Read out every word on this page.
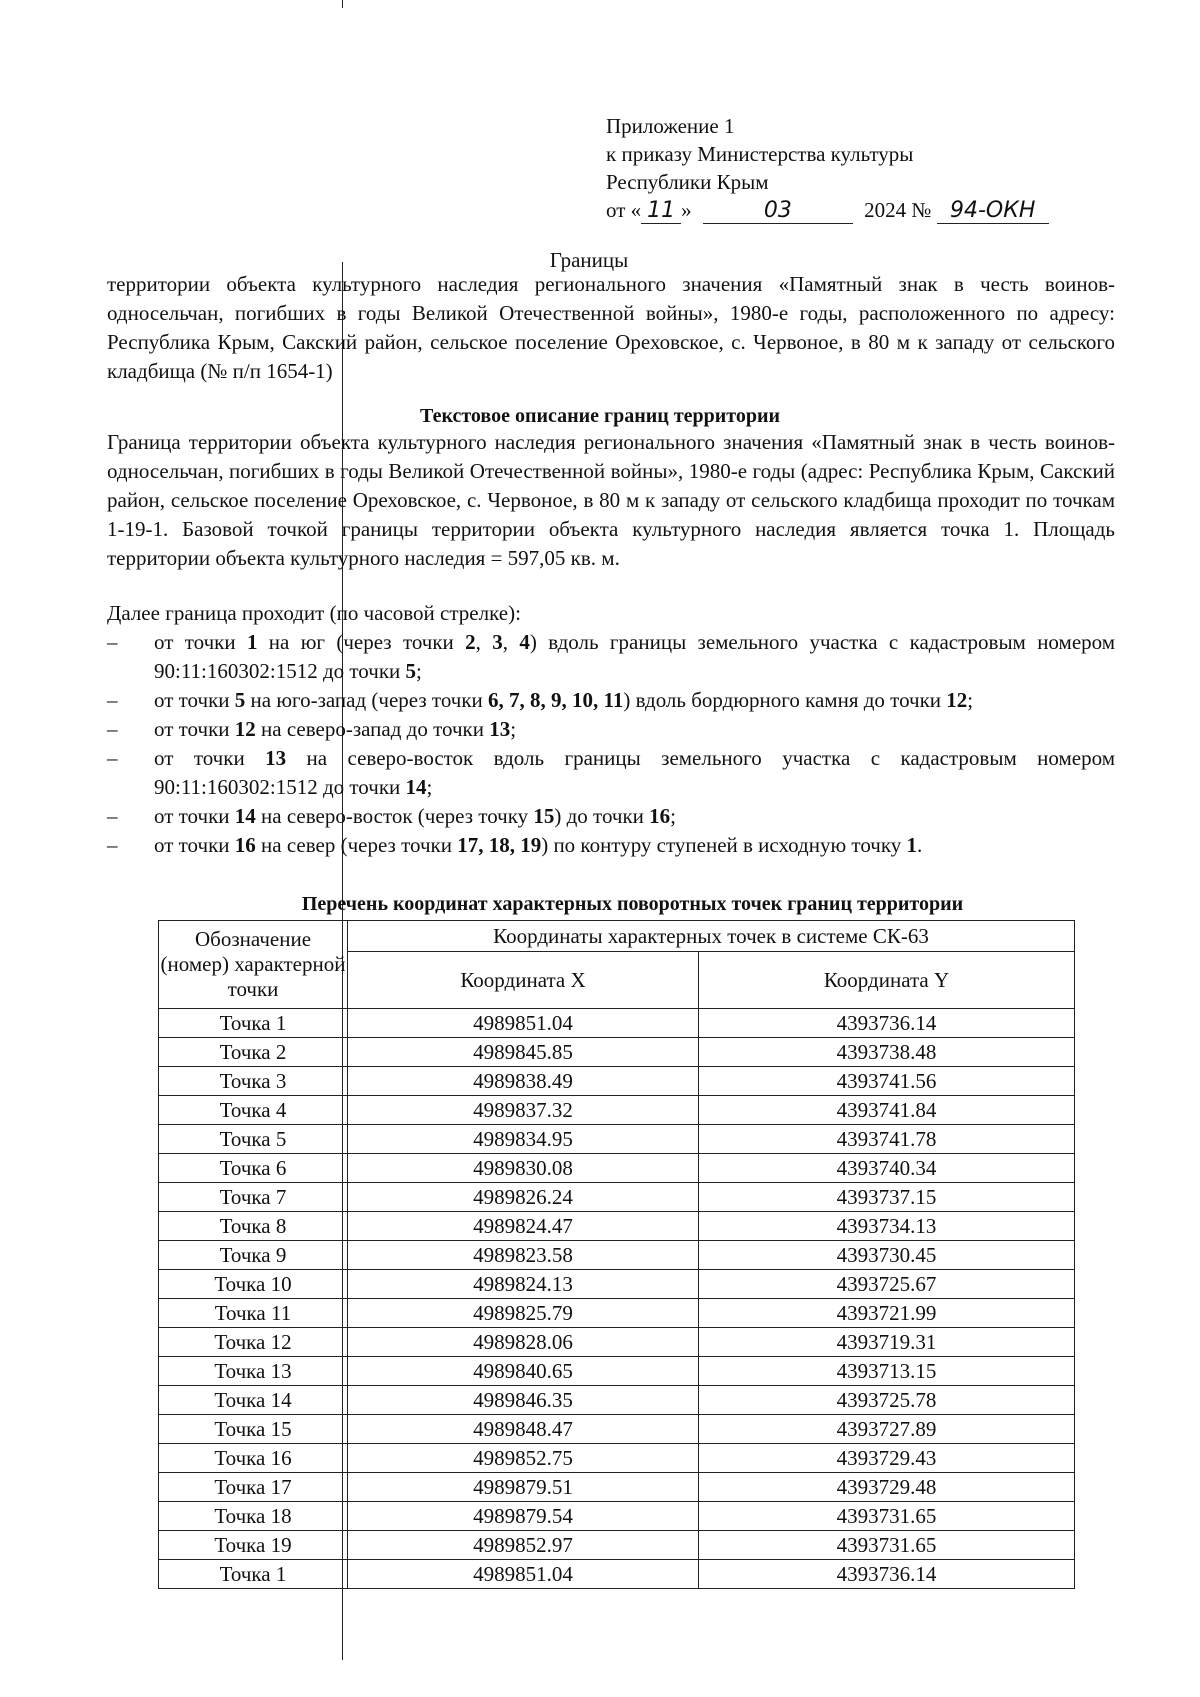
Приложение 1
к приказу Министерства культуры
Республики Крым
от « 11 »	03	2024 № 94-ОКН
Границы

территории объекта культурного наследия регионального значения «Памятный знак в честь воинов-односельчан, погибших в годы Великой Отечественной войны», 1980-е годы, расположенного по адресу: Республика Крым, Сакский район, сельское поселение Ореховское, с. Червоное, в 80 м к западу от сельского кладбища (№ п/п 1654-1)

Текстовое описание границ территории

Граница территории объекта культурного наследия регионального значения «Памятный знак в честь воинов-односельчан, погибших в годы Великой Отечественной войны», 1980-е годы (адрес: Республика Крым, Сакский район, сельское поселение Ореховское, с. Червоное, в 80 м к западу от сельского кладбища проходит по точкам 1-19-1. Базовой точкой границы территории объекта культурного наследия является точка 1. Площадь территории объекта культурного наследия = 597,05 кв. м.

Далее граница проходит (по часовой стрелке):

– от точки 1 на юг (через точки 2, 3, 4) вдоль границы земельного участка с кадастровым номером 90:11:160302:1512 до точки 5;
– от точки 5 на юго-запад (через точки 6, 7, 8, 9, 10, 11) вдоль бордюрного камня до точки 12;
– от точки 12 на северо-запад до точки 13;
– от точки 13 на северо-восток вдоль границы земельного участка с кадастровым номером 90:11:160302:1512 до точки 14;
– от точки 14 на северо-восток (через точку 15) до точки 16;
– от точки 16 на север (через точки 17, 18, 19) по контуру ступеней в исходную точку 1.
Перечень координат характерных поворотных точек границ территории
Обозначение (номер) характерной точки	Координаты характерных точек в системе СК-63	
	Координата X	Координата Y
Точка 1	4989851.04	4393736.14
Точка 2	4989845.85	4393738.48
Точка 3	4989838.49	4393741.56
Точка 4	4989837.32	4393741.84
Точка 5	4989834.95	4393741.78
Точка 6	4989830.08	4393740.34
Точка 7	4989826.24	4393737.15
Точка 8	4989824.47	4393734.13
Точка 9	4989823.58	4393730.45
Точка 10	4989824.13	4393725.67
Точка 11	4989825.79	4393721.99
Точка 12	4989828.06	4393719.31
Точка 13	4989840.65	4393713.15
Точка 14	4989846.35	4393725.78
Точка 15	4989848.47	4393727.89
Точка 16	4989852.75	4393729.43
Точка 17	4989879.51	4393729.48
Точка 18	4989879.54	4393731.65
Точка 19	4989852.97	4393731.65
Точка 1	4989851.04	4393736.14
